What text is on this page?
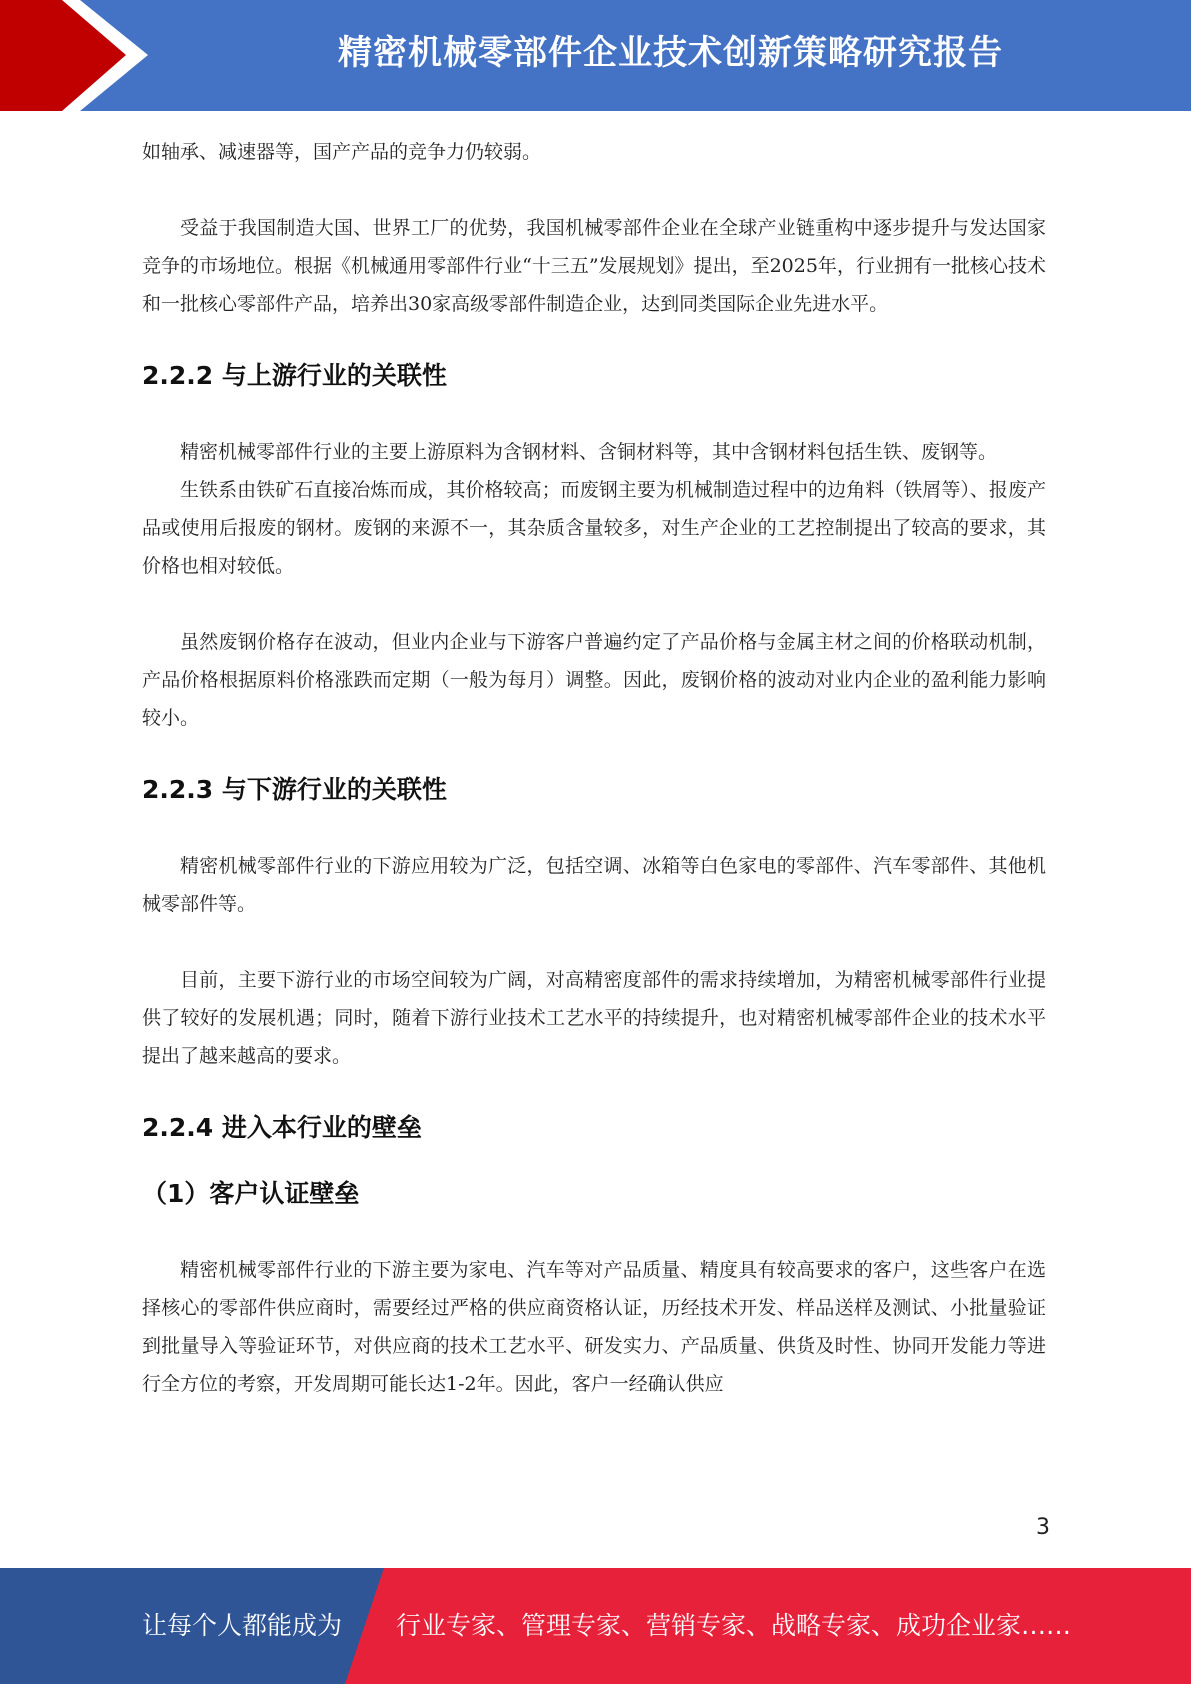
精密机械零部件企业技术创新策略研究报告

如轴承、减速器等，国产产品的竞争力仍较弱。

受益于我国制造大国、世界工厂的优势，我国机械零部件企业在全球产业链重构中逐步提升与发达国家竞争的市场地位。根据《机械通用零部件行业“十三五”发展规划》提出，至2025年，行业拥有一批核心技术和一批核心零部件产品，培养出30家高级零部件制造企业，达到同类国际企业先进水平。

2.2.2 与上游行业的关联性

精密机械零部件行业的主要上游原料为含钢材料、含铜材料等，其中含钢材料包括生铁、废钢等。

生铁系由铁矿石直接冶炼而成，其价格较高；而废钢主要为机械制造过程中的边角料（铁屑等）、报废产品或使用后报废的钢材。废钢的来源不一，其杂质含量较多，对生产企业的工艺控制提出了较高的要求，其价格也相对较低。

虽然废钢价格存在波动，但业内企业与下游客户普遍约定了产品价格与金属主材之间的价格联动机制，产品价格根据原料价格涨跌而定期（一般为每月）调整。因此，废钢价格的波动对业内企业的盈利能力影响较小。

2.2.3 与下游行业的关联性

精密机械零部件行业的下游应用较为广泛，包括空调、冰箱等白色家电的零部件、汽车零部件、其他机械零部件等。

目前，主要下游行业的市场空间较为广阔，对高精密度部件的需求持续增加，为精密机械零部件行业提供了较好的发展机遇；同时，随着下游行业技术工艺水平的持续提升，也对精密机械零部件企业的技术水平提出了越来越高的要求。

2.2.4 进入本行业的壁垒
（1）客户认证壁垒

精密机械零部件行业的下游主要为家电、汽车等对产品质量、精度具有较高要求的客户，这些客户在选择核心的零部件供应商时，需要经过严格的供应商资格认证，历经技术开发、样品送样及测试、小批量验证到批量导入等验证环节，对供应商的技术工艺水平、研发实力、产品质量、供货及时性、协同开发能力等进行全方位的考察，开发周期可能长达1-2年。因此，客户一经确认供应

3
让每个人都能成为 行业专家、管理专家、营销专家、战略专家、成功企业家……
